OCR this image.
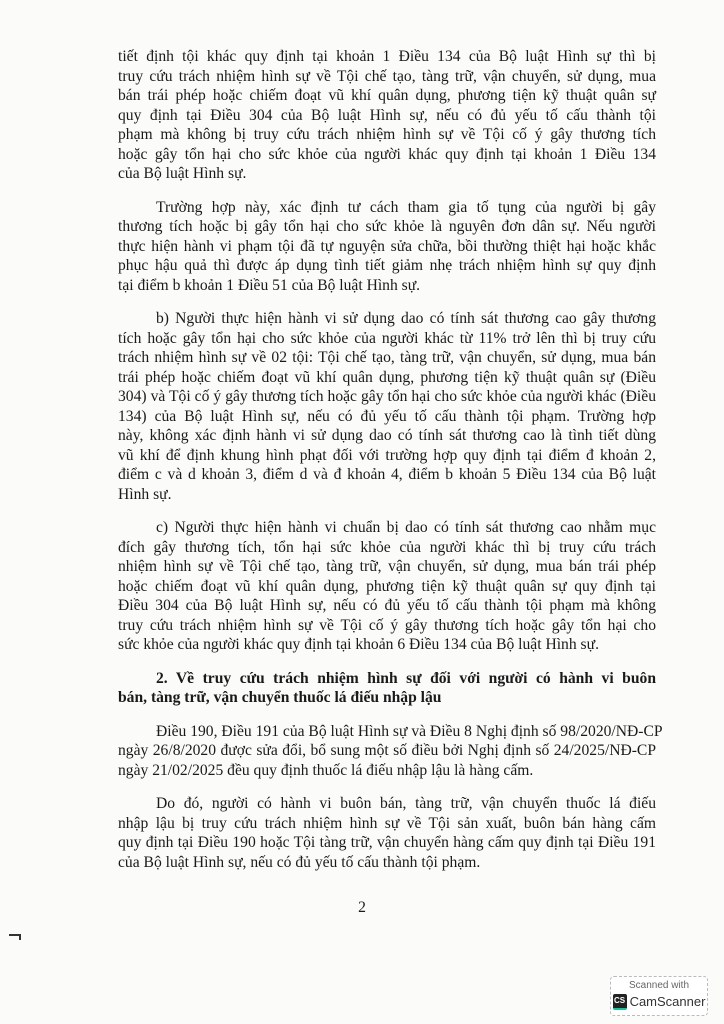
tiết định tội khác quy định tại khoản 1 Điều 134 của Bộ luật Hình sự thì bị
truy cứu trách nhiệm hình sự về Tội chế tạo, tàng trữ, vận chuyển, sử dụng, mua
bán trái phép hoặc chiếm đoạt vũ khí quân dụng, phương tiện kỹ thuật quân sự
quy định tại Điều 304 của Bộ luật Hình sự, nếu có đủ yếu tố cấu thành tội
phạm mà không bị truy cứu trách nhiệm hình sự về Tội cố ý gây thương tích
hoặc gây tổn hại cho sức khỏe của người khác quy định tại khoản 1 Điều 134
của Bộ luật Hình sự.
Trường hợp này, xác định tư cách tham gia tố tụng của người bị gây
thương tích hoặc bị gây tổn hại cho sức khỏe là nguyên đơn dân sự. Nếu người
thực hiện hành vi phạm tội đã tự nguyện sửa chữa, bồi thường thiệt hại hoặc khắc
phục hậu quả thì được áp dụng tình tiết giảm nhẹ trách nhiệm hình sự quy định
tại điểm b khoản 1 Điều 51 của Bộ luật Hình sự.
b) Người thực hiện hành vi sử dụng dao có tính sát thương cao gây thương
tích hoặc gây tổn hại cho sức khỏe của người khác từ 11% trở lên thì bị truy cứu
trách nhiệm hình sự về 02 tội: Tội chế tạo, tàng trữ, vận chuyển, sử dụng, mua bán
trái phép hoặc chiếm đoạt vũ khí quân dụng, phương tiện kỹ thuật quân sự (Điều
304) và Tội cố ý gây thương tích hoặc gây tổn hại cho sức khỏe của người khác (Điều
134) của Bộ luật Hình sự, nếu có đủ yếu tố cấu thành tội phạm. Trường hợp
này, không xác định hành vi sử dụng dao có tính sát thương cao là tình tiết dùng
vũ khí để định khung hình phạt đối với trường hợp quy định tại điểm đ khoản 2,
điểm c và d khoản 3, điểm d và đ khoản 4, điểm b khoản 5 Điều 134 của Bộ luật
Hình sự.
c) Người thực hiện hành vi chuẩn bị dao có tính sát thương cao nhằm mục
đích gây thương tích, tổn hại sức khỏe của người khác thì bị truy cứu trách
nhiệm hình sự về Tội chế tạo, tàng trữ, vận chuyển, sử dụng, mua bán trái phép
hoặc chiếm đoạt vũ khí quân dụng, phương tiện kỹ thuật quân sự quy định tại
Điều 304 của Bộ luật Hình sự, nếu có đủ yếu tố cấu thành tội phạm mà không
truy cứu trách nhiệm hình sự về Tội cố ý gây thương tích hoặc gây tổn hại cho
sức khỏe của người khác quy định tại khoản 6 Điều 134 của Bộ luật Hình sự.
2. Về truy cứu trách nhiệm hình sự đối với người có hành vi buôn
bán, tàng trữ, vận chuyển thuốc lá điếu nhập lậu
Điều 190, Điều 191 của Bộ luật Hình sự và Điều 8 Nghị định số 98/2020/NĐ-CP
ngày 26/8/2020 được sửa đổi, bổ sung một số điều bởi Nghị định số 24/2025/NĐ-CP
ngày 21/02/2025 đều quy định thuốc lá điếu nhập lậu là hàng cấm.
Do đó, người có hành vi buôn bán, tàng trữ, vận chuyển thuốc lá điếu
nhập lậu bị truy cứu trách nhiệm hình sự về Tội sản xuất, buôn bán hàng cấm
quy định tại Điều 190 hoặc Tội tàng trữ, vận chuyển hàng cấm quy định tại Điều 191
của Bộ luật Hình sự, nếu có đủ yếu tố cấu thành tội phạm.
2
Scanned with
CS CamScanner
